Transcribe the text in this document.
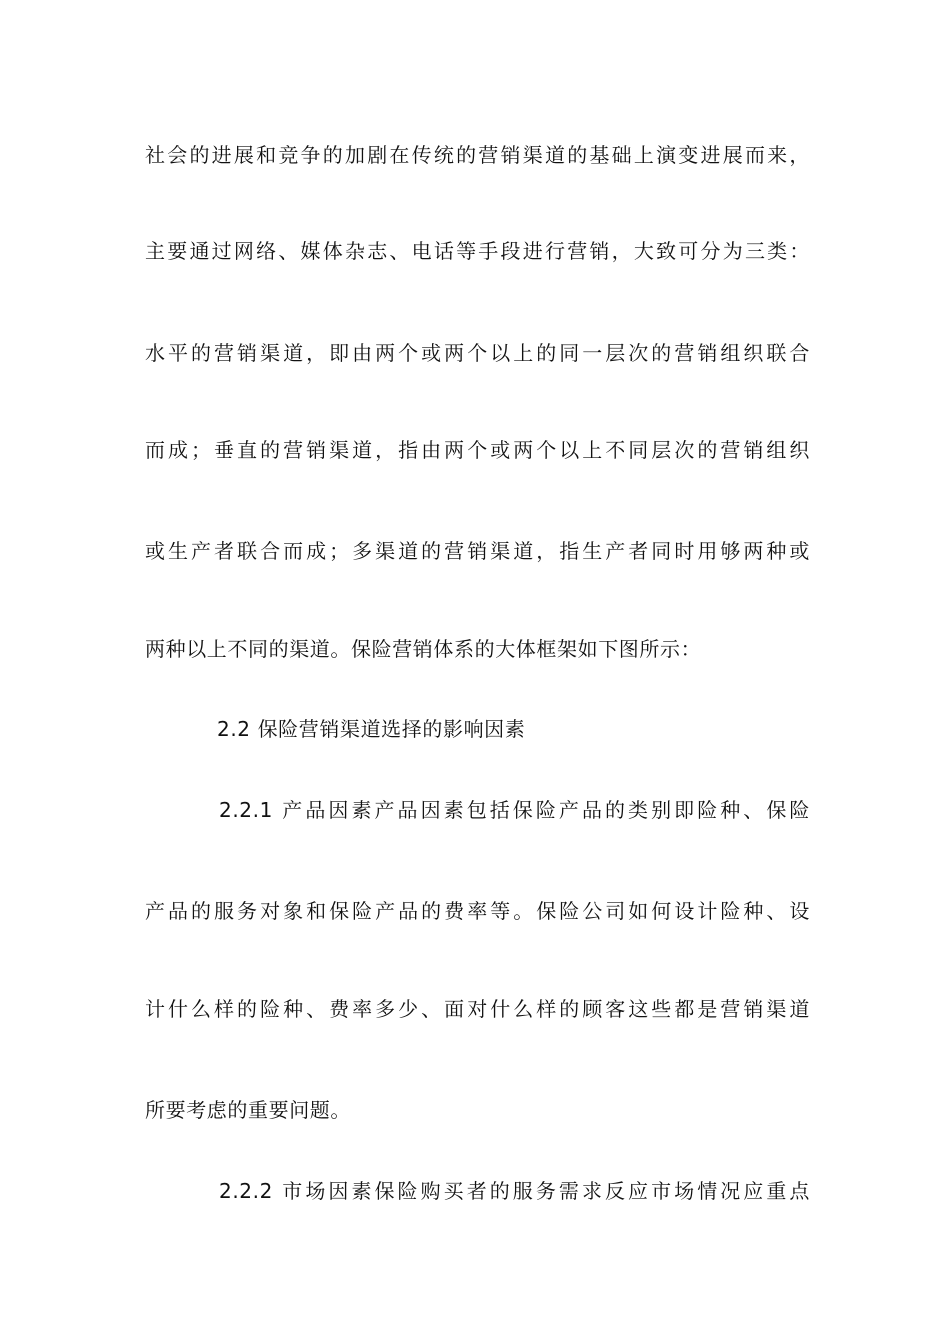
社会的进展和竞争的加剧在传统的营销渠道的基础上演变进展而来，
主要通过网络、媒体杂志、电话等手段进行营销，大致可分为三类：
水平的营销渠道，即由两个或两个以上的同一层次的营销组织联合
而成；垂直的营销渠道，指由两个或两个以上不同层次的营销组织
或生产者联合而成；多渠道的营销渠道，指生产者同时用够两种或
两种以上不同的渠道。保险营销体系的大体框架如下图所示：
2.2 保险营销渠道选择的影响因素
2.2.1 产品因素产品因素包括保险产品的类别即险种、保险
产品的服务对象和保险产品的费率等。保险公司如何设计险种、设
计什么样的险种、费率多少、面对什么样的顾客这些都是营销渠道
所要考虑的重要问题。
2.2.2 市场因素保险购买者的服务需求反应市场情况应重点
